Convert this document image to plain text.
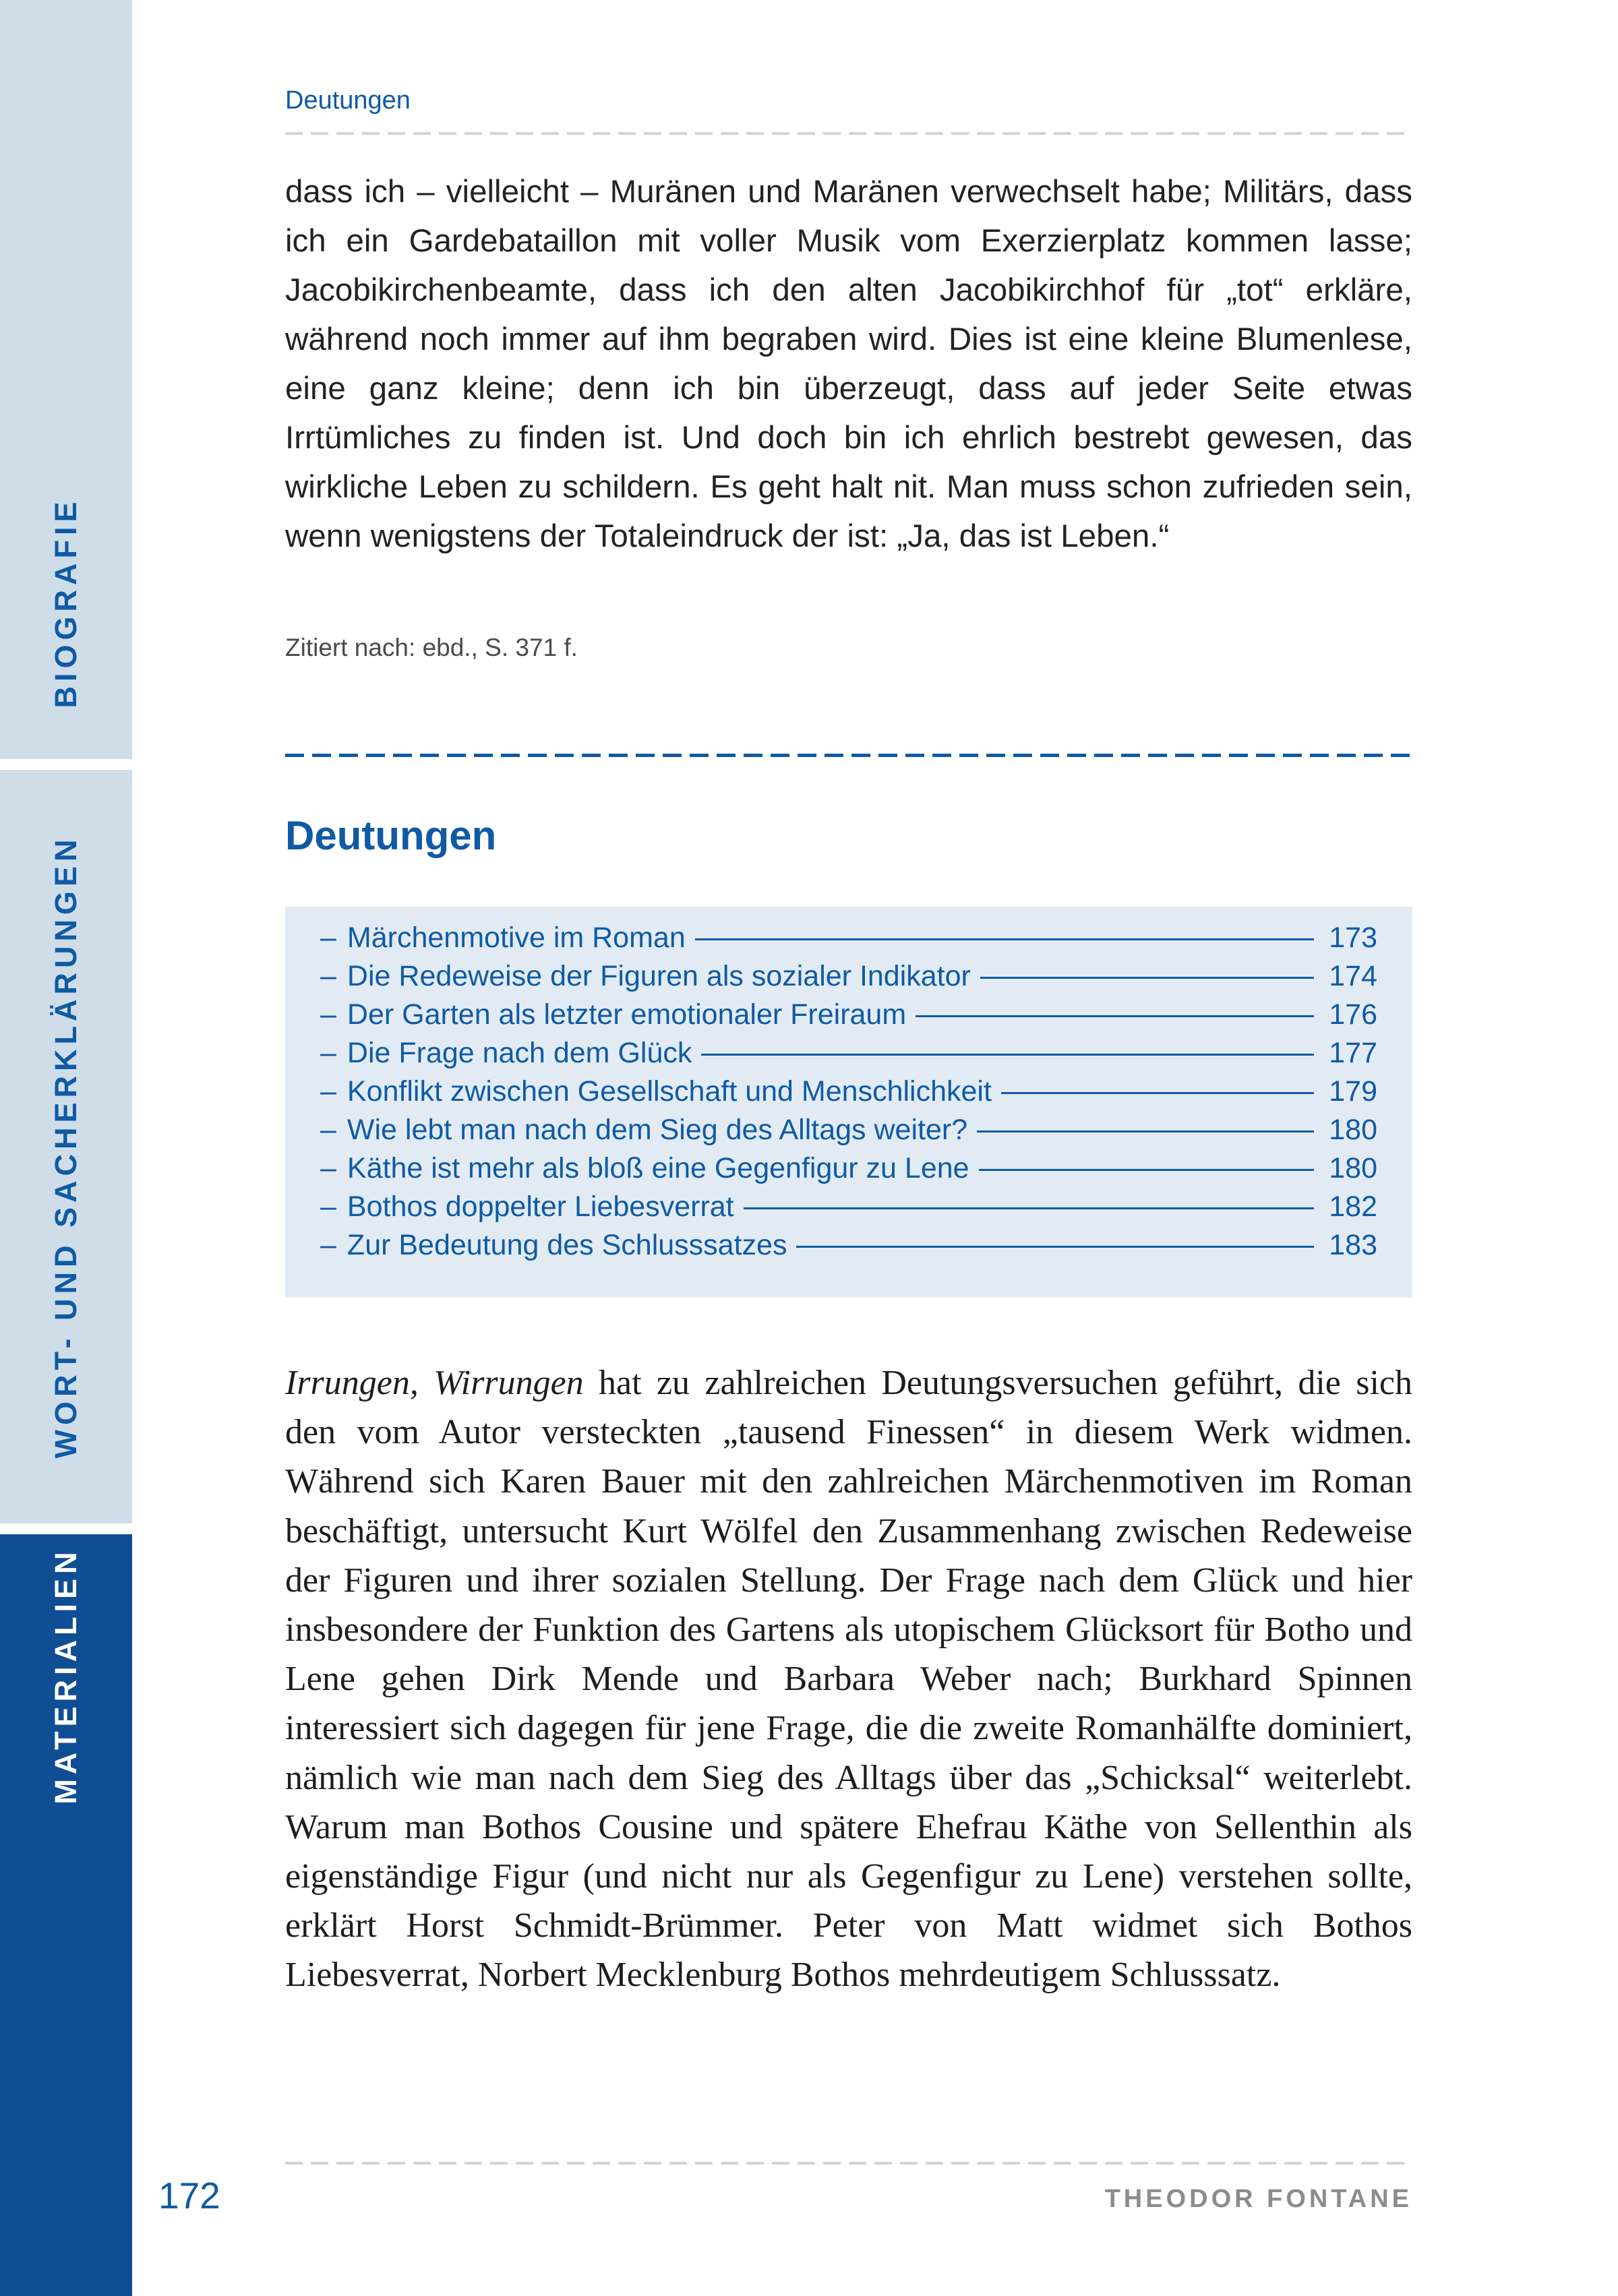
BIOGRAFIE
WORT- UND SACHERKLÄRUNGEN
MATERIALIEN
Deutungen
dass ich – vielleicht – Muränen und Maränen verwechselt habe; Militärs, dass ich ein Gardebataillon mit voller Musik vom Exerzierplatz kommen lasse; Jacobikirchenbeamte, dass ich den alten Jacobikirchhof für „tot“ erkläre, während noch immer auf ihm begraben wird. Dies ist eine kleine Blumenlese, eine ganz kleine; denn ich bin überzeugt, dass auf jeder Seite etwas Irrtümliches zu finden ist. Und doch bin ich ehrlich bestrebt gewesen, das wirkliche Leben zu schildern. Es geht halt nit. Man muss schon zufrieden sein, wenn wenigstens der Totaleindruck der ist: „Ja, das ist Leben.“
Zitiert nach: ebd., S. 371 f.
Deutungen
– Märchenmotive im Roman	173
– Die Redeweise der Figuren als sozialer Indikator	174
– Der Garten als letzter emotionaler Freiraum	176
– Die Frage nach dem Glück	177
– Konflikt zwischen Gesellschaft und Menschlichkeit	179
– Wie lebt man nach dem Sieg des Alltags weiter?	180
– Käthe ist mehr als bloß eine Gegenfigur zu Lene	180
– Bothos doppelter Liebesverrat	182
– Zur Bedeutung des Schlusssatzes	183
Irrungen, Wirrungen hat zu zahlreichen Deutungsversuchen geführt, die sich den vom Autor versteckten „tausend Finessen“ in diesem Werk widmen. Während sich Karen Bauer mit den zahlreichen Märchenmotiven im Roman beschäftigt, untersucht Kurt Wölfel den Zusammenhang zwischen Redeweise der Figuren und ihrer sozialen Stellung. Der Frage nach dem Glück und hier insbesondere der Funktion des Gartens als utopischem Glücksort für Botho und Lene gehen Dirk Mende und Barbara Weber nach; Burkhard Spinnen interessiert sich dagegen für jene Frage, die die zweite Romanhälfte dominiert, nämlich wie man nach dem Sieg des Alltags über das „Schicksal“ weiterlebt. Warum man Bothos Cousine und spätere Ehefrau Käthe von Sellenthin als eigenständige Figur (und nicht nur als Gegenfigur zu Lene) verstehen sollte, erklärt Horst Schmidt-Brümmer. Peter von Matt widmet sich Bothos Liebesverrat, Norbert Mecklenburg Bothos mehrdeutigem Schlusssatz.
172	THEODOR FONTANE
